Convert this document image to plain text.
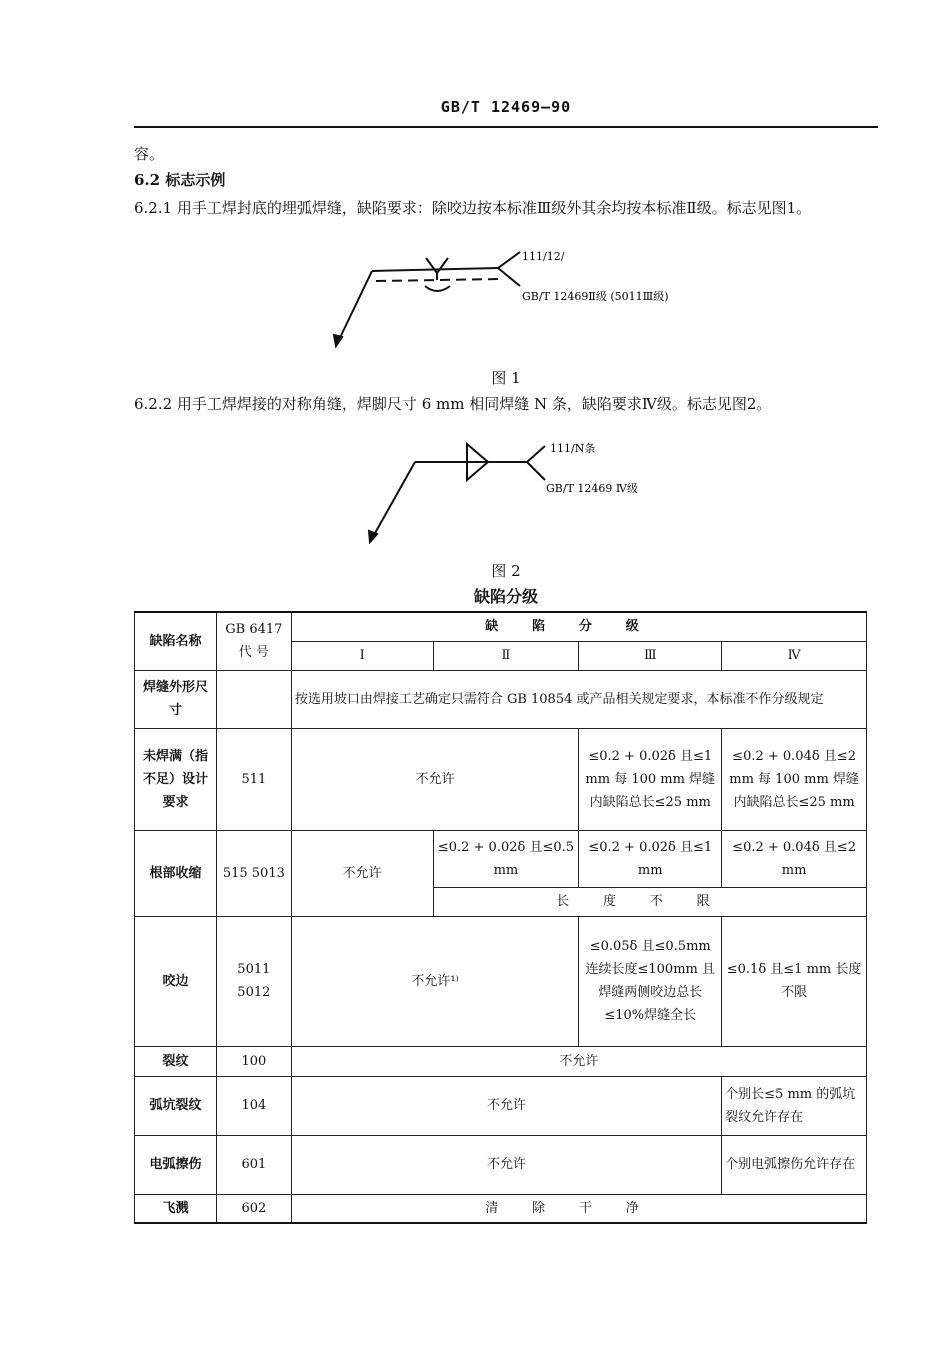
GB/T 12469—90
容。
6.2 标志示例
6.2.1 用手工焊封底的埋弧焊缝，缺陷要求：除咬边按本标准Ⅲ级外其余均按本标准Ⅱ级。标志见图1。
111/12/
GB/T 12469Ⅱ级 (5011Ⅲ级)
图 1
6.2.2 用手工焊焊接的对称角缝，焊脚尺寸 6 mm 相同焊缝 N 条，缺陷要求Ⅳ级。标志见图2。
111/N条
GB/T 12469 Ⅳ级
图 2
缺陷分级
缺陷名称	GB 6417 代 号	缺陷分级			
		Ⅰ	Ⅱ	Ⅲ	Ⅳ
焊缝外形尺寸		按选用坡口由焊接工艺确定只需符合 GB 10854 或产品相关规定要求，本标准不作分级规定			
未焊满（指不足）设计要求	511	不允许		≤0.2 + 0.02δ 且≤1 mm 每 100 mm 焊缝内缺陷总长≤25 mm	≤0.2 + 0.04δ 且≤2 mm 每 100 mm 焊缝内缺陷总长≤25 mm
根部收缩	515 5013	不允许	≤0.2 + 0.02δ 且≤0.5 mm	≤0.2 + 0.02δ 且≤1 mm	≤0.2 + 0.04δ 且≤2 mm
			长度不限		
咬边	5011 5012	不允许¹⁾		≤0.05δ 且≤0.5mm 连续长度≤100mm 且焊缝两侧咬边总长≤10%焊缝全长	≤0.1δ 且≤1 mm 长度不限
裂纹	100	不允许			
弧坑裂纹	104	不允许			个别长≤5 mm 的弧坑裂纹允许存在
电弧擦伤	601	不允许			个别电弧擦伤允许存在
飞溅	602	清除干净			
